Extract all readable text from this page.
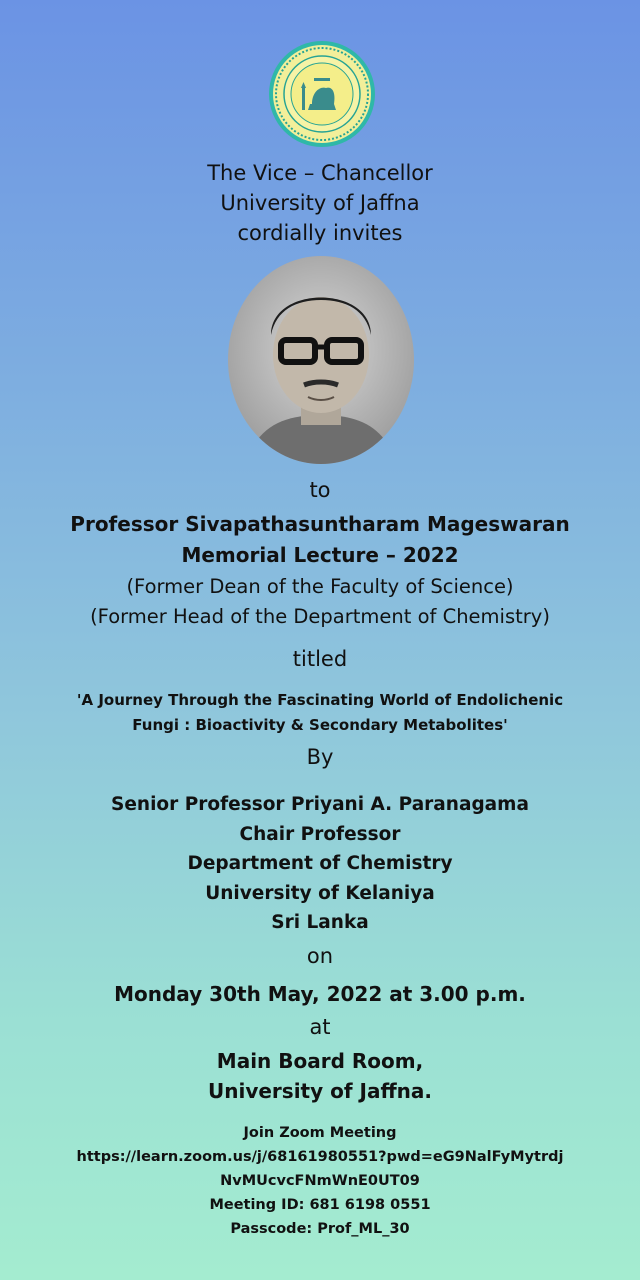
The Vice – Chancellor
University of Jaffna
cordially invites
to
Professor Sivapathasuntharam Mageswaran
Memorial Lecture – 2022
(Former Dean of the Faculty of Science)
(Former Head of the Department of Chemistry)
titled
'A Journey Through the Fascinating World of Endolichenic
Fungi : Bioactivity & Secondary Metabolites'
By
Senior Professor Priyani A. Paranagama
Chair Professor
Department of Chemistry
University of Kelaniya
Sri Lanka
on
Monday 30th May, 2022 at 3.00 p.m.
at
Main Board Room,
University of Jaffna.
Join Zoom Meeting
https://learn.zoom.us/j/68161980551?pwd=eG9NalFyMytrdj
NvMUcvcFNmWnE0UT09
Meeting ID: 681 6198 0551
Passcode: Prof_ML_30
